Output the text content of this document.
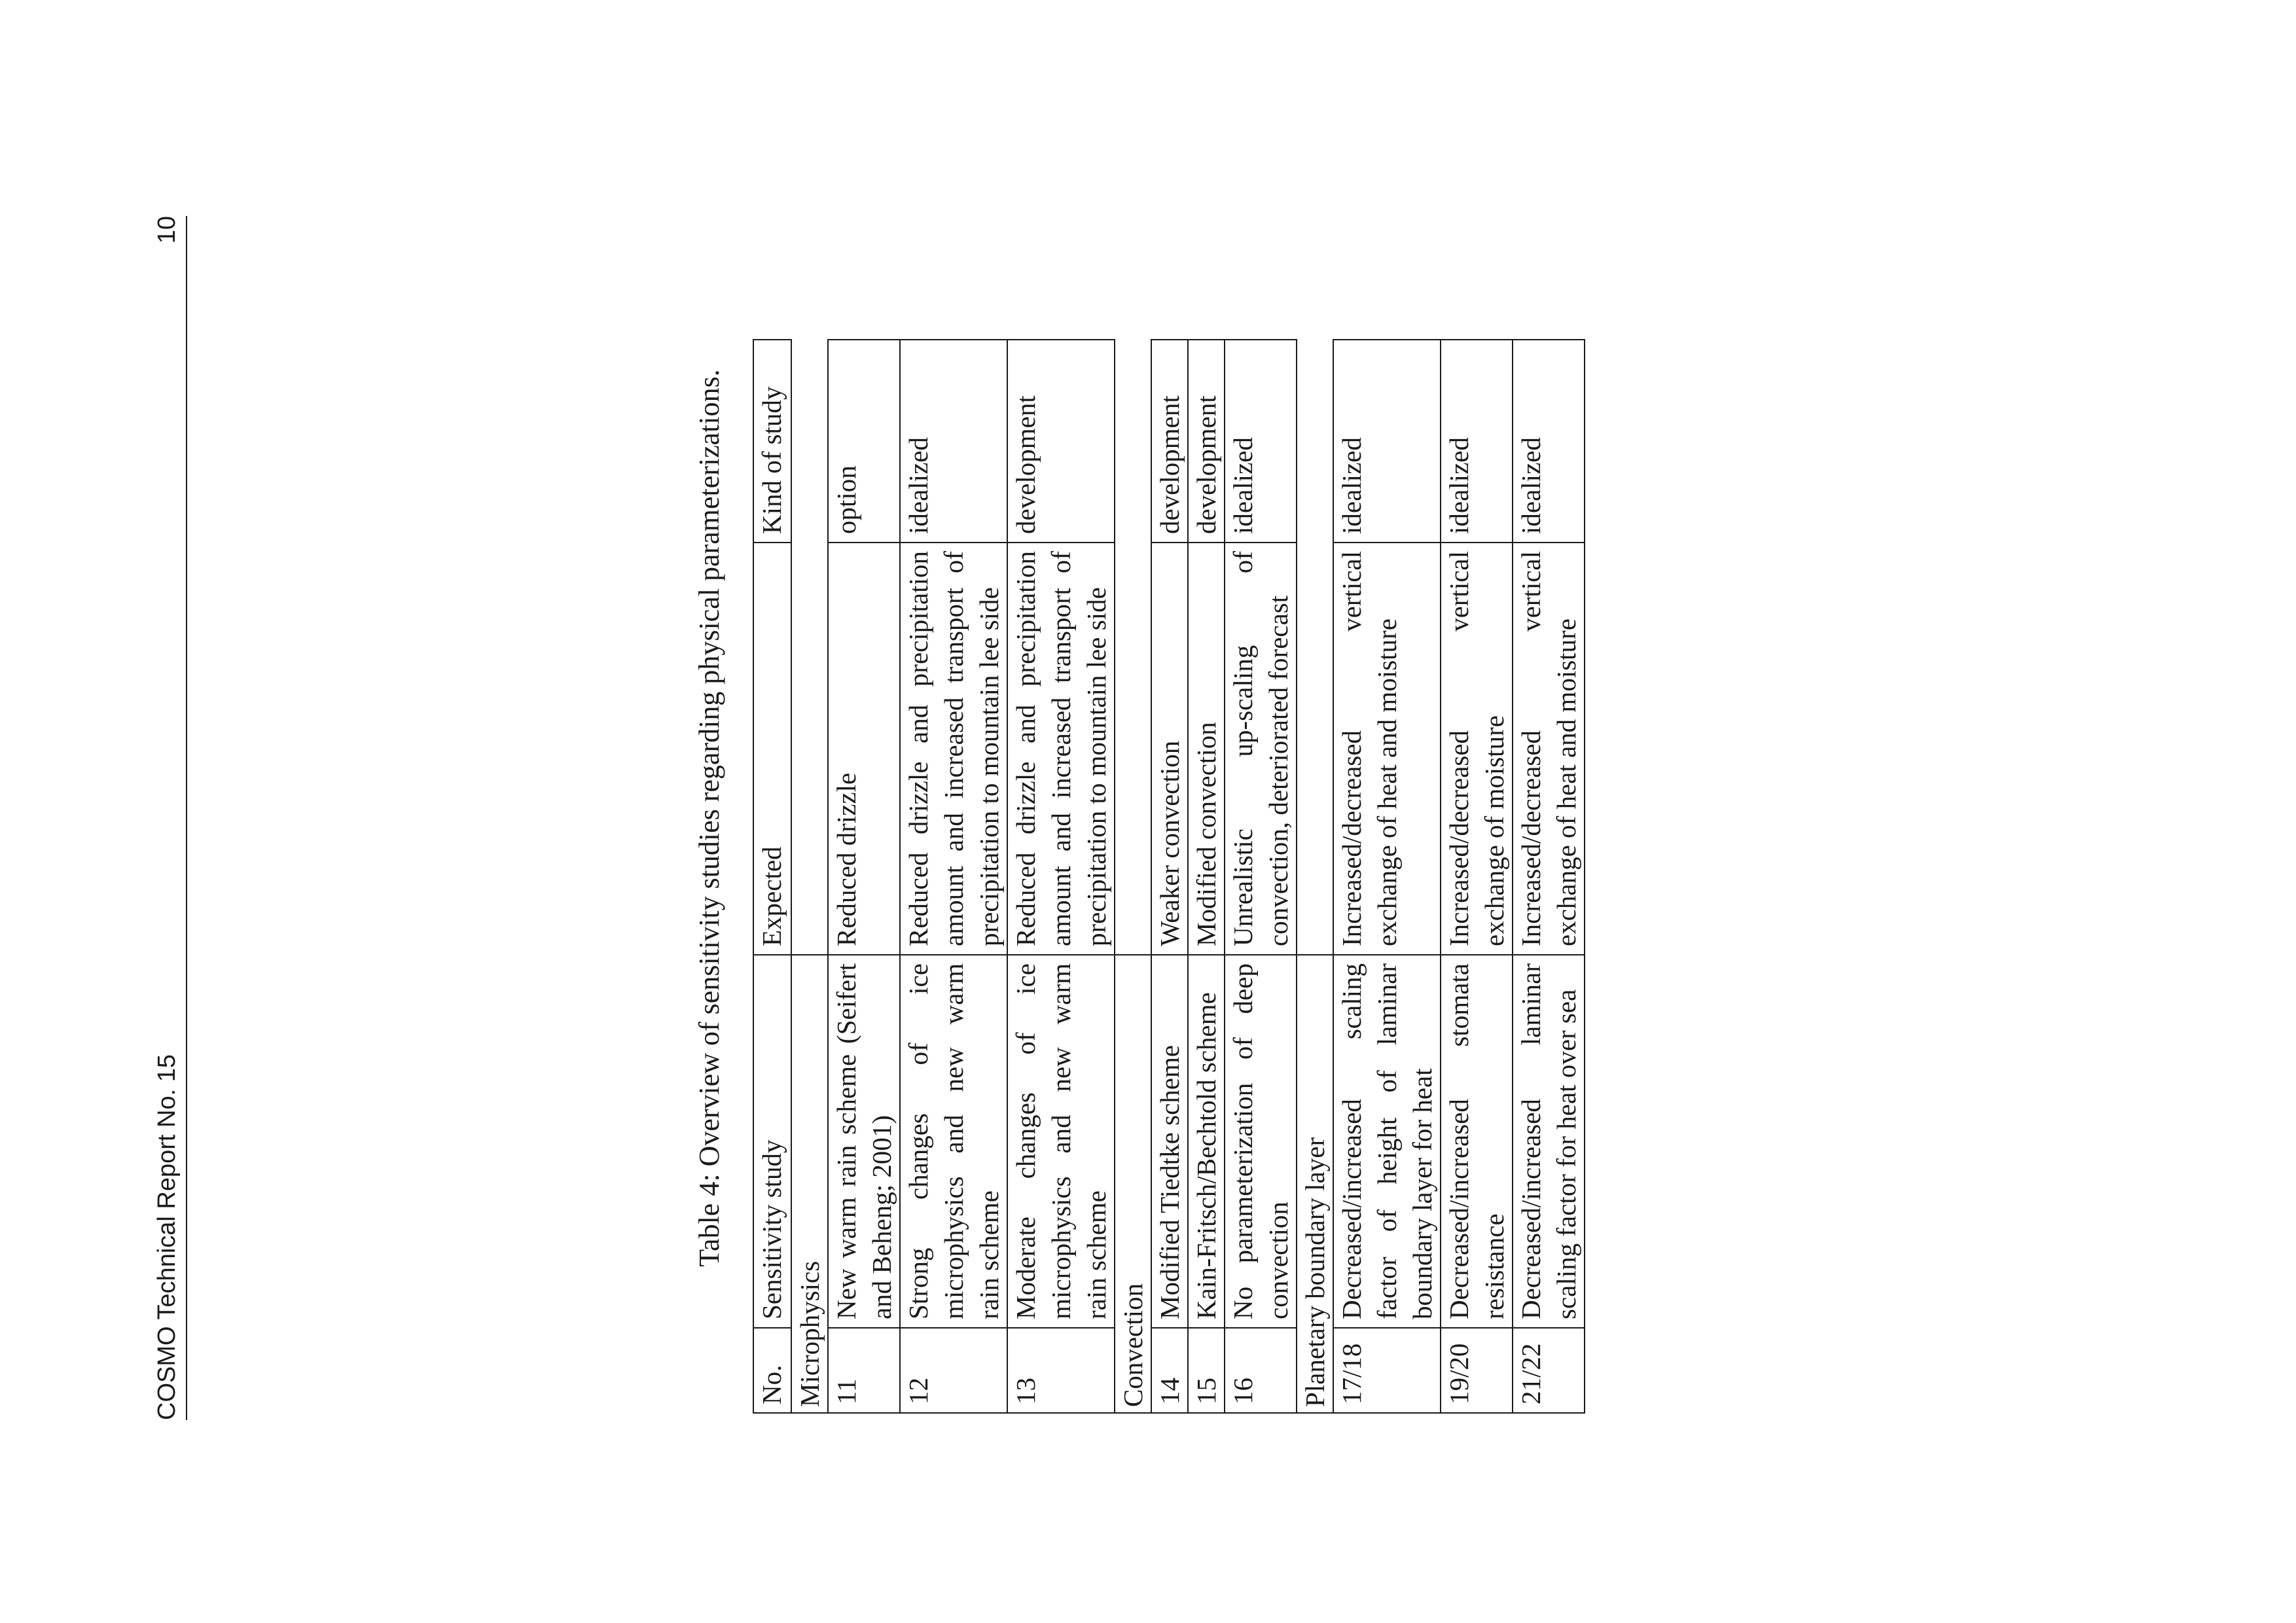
COSMO Technical Report No. 15
10
Table 4: Overview of sensitivity studies regarding physical parameterizations.
No.	Sensitivity study	Expected	Kind of study
Microphysics			
11	New warm rain scheme (Seifert and Beheng; 2001)	Reduced drizzle	option
12	Strong changes of ice microphysics and new warm rain scheme	Reduced drizzle and precipitation amount and increased transport of precipitation to mountain lee side	idealized
13	Moderate changes of ice microphysics and new warm rain scheme	Reduced drizzle and precipitation amount and increased transport of precipitation to mountain lee side	development
Convection			
14	Modified Tiedtke scheme	Weaker convection	development
15	Kain-Fritsch/Bechtold scheme	Modified convection	development
16	No parameterization of deep convection	Unrealistic up-scaling of convection, deteriorated forecast	idealized
Planetary boundary layer			
17/18	Decreased/increased scaling factor of height of laminar boundary layer for heat	Increased/decreased vertical exchange of heat and moisture	idealized
19/20	Decreased/increased stomata resistance	Increased/decreased vertical exchange of moisture	idealized
21/22	Decreased/increased laminar scaling factor for heat over sea	Increased/decreased vertical exchange of heat and moisture	idealized
